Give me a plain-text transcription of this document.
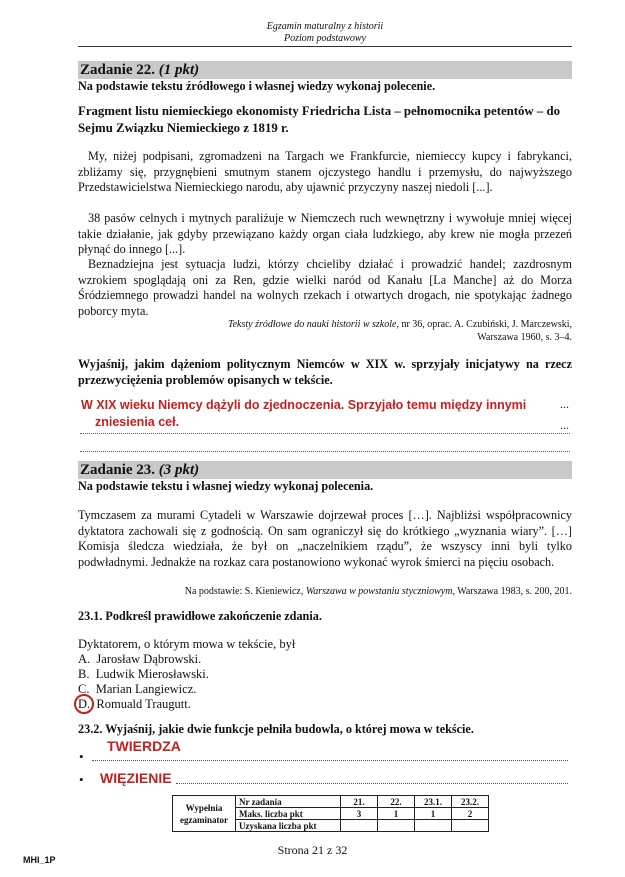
Egzamin maturalny z historii
Poziom podstawowy
Zadanie 22. (1 pkt)
Na podstawie tekstu źródłowego i własnej wiedzy wykonaj polecenie.
Fragment listu niemieckiego ekonomisty Friedricha Lista – pełnomocnika petentów – do Sejmu Związku Niemieckiego z 1819 r.
My, niżej podpisani, zgromadzeni na Targach we Frankfurcie, niemieccy kupcy i fabrykanci, zbliżamy się, przygnębieni smutnym stanem ojczystego handlu i przemysłu, do najwyższego Przedstawicielstwa Niemieckiego narodu, aby ujawnić przyczyny naszej niedoli [...].
38 pasów celnych i mytnych paraliżuje w Niemczech ruch wewnętrzny i wywołuje mniej więcej takie działanie, jak gdyby przewiązano każdy organ ciała ludzkiego, aby krew nie mogła przezeń płynąć do innego [...].
Beznadziejna jest sytuacja ludzi, którzy chcieliby działać i prowadzić handel; zazdrosnym wzrokiem spoglądają oni za Ren, gdzie wielki naród od Kanału [La Manche] aż do Morza Śródziemnego prowadzi handel na wolnych rzekach i otwartych drogach, nie spotykając żadnego poborcy myta.
Teksty źródłowe do nauki historii w szkole, nr 36, oprac. A. Czubiński, J. Marczewski,
Warszawa 1960, s. 3–4.
Wyjaśnij, jakim dążeniom politycznym Niemców w XIX w. sprzyjały inicjatywy na rzecz przezwyciężenia problemów opisanych w tekście.
W XIX wieku Niemcy dążyli do zjednoczenia. Sprzyjało temu między innymi	...
zniesienia ceł.	...
Zadanie 23. (3 pkt)
Na podstawie tekstu i własnej wiedzy wykonaj polecenia.
Tymczasem za murami Cytadeli w Warszawie dojrzewał proces […]. Najbliżsi współpracownicy dyktatora zachowali się z godnością. On sam ograniczył się do krótkiego „wyznania wiary”. […] Komisja śledcza wiedziała, że był on „naczelnikiem rządu”, że wszyscy inni byli tylko podwładnymi. Jednakże na rozkaz cara postanowiono wykonać wyrok śmierci na pięciu osobach.
Na podstawie: S. Kieniewicz, Warszawa w powstaniu styczniowym, Warszawa 1983, s. 200, 201.
23.1. Podkreśl prawidłowe zakończenie zdania.
Dyktatorem, o którym mowa w tekście, był
A. Jarosław Dąbrowski.
B. Ludwik Mierosławski.
C. Marian Langiewicz.
D. Romuald Traugutt.
23.2. Wyjaśnij, jakie dwie funkcje pełniła budowla, o której mowa w tekście.
TWIERDZA
•
• WIĘZIENIE
Wypełnia
egzaminator	Nr zadania	21.	22.	23.1.	23.2.
	Maks. liczba pkt	3	1	1	2
	Uzyskana liczba pkt				
Strona 21 z 32
MHI_1P
